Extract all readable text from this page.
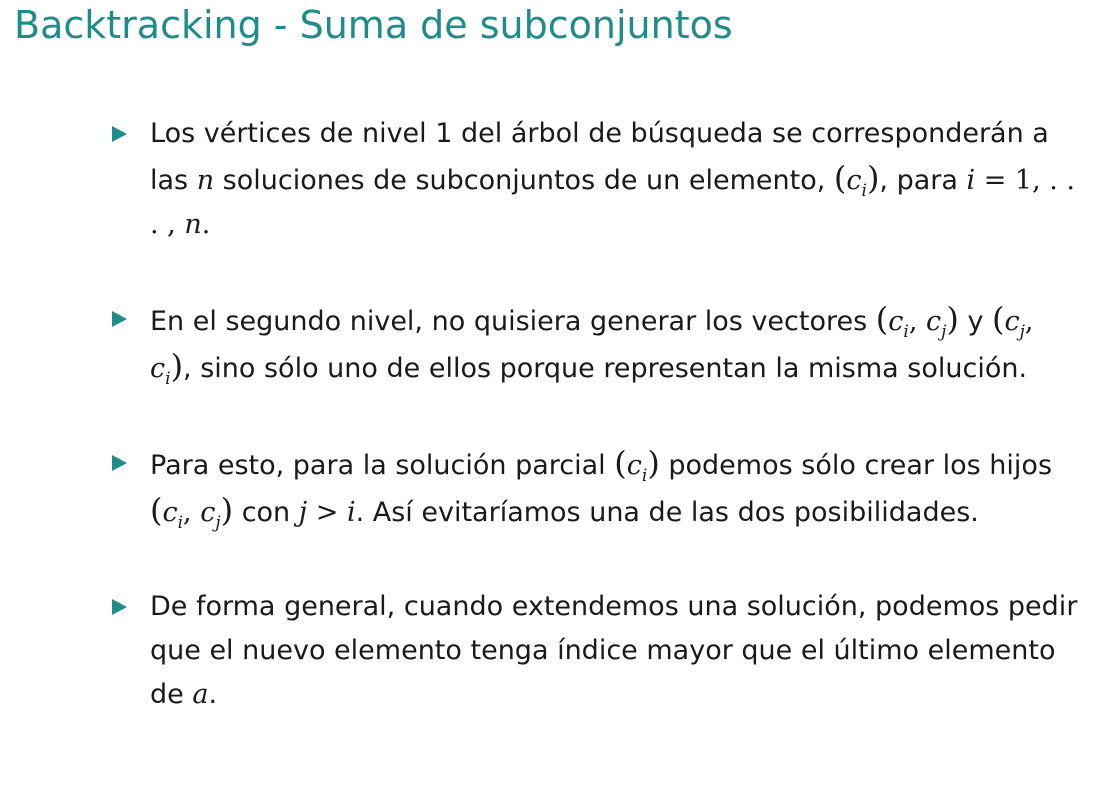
Backtracking - Suma de subconjuntos
Los vértices de nivel 1 del árbol de búsqueda se corresponderán a las n soluciones de subconjuntos de un elemento, $(c_i)$, para i = 1, . . . , n.
En el segundo nivel, no quisiera generar los vectores ($c_i$, $c_j$) y ($c_j$, $c_i$), sino sólo uno de ellos porque representan la misma solución.
Para esto, para la solución parcial $(c_i)$ podemos sólo crear los hijos ($c_i$, $c_j$) con j > i. Así evitaríamos una de las dos posibilidades.
De forma general, cuando extendemos una solución, podemos pedir que el nuevo elemento tenga índice mayor que el último elemento de a.
